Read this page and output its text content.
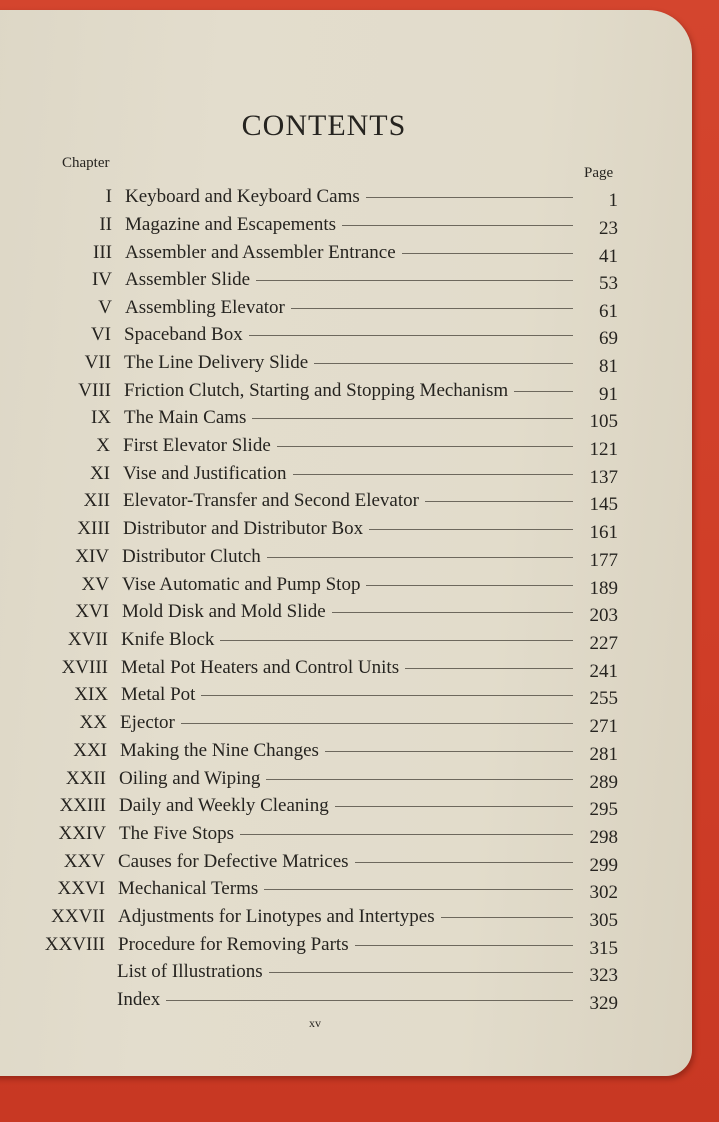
CONTENTS
Chapter
Page
I Keyboard and Keyboard Cams	1
II Magazine and Escapements	23
III Assembler and Assembler Entrance	41
IV Assembler Slide	53
V Assembling Elevator	61
VI Spaceband Box	69
VII The Line Delivery Slide	81
VIII Friction Clutch, Starting and Stopping Mechanism	91
IX The Main Cams	105
X First Elevator Slide	121
XI Vise and Justification	137
XII Elevator-Transfer and Second Elevator	145
XIII Distributor and Distributor Box	161
XIV Distributor Clutch	177
XV Vise Automatic and Pump Stop	189
XVI Mold Disk and Mold Slide	203
XVII Knife Block	227
XVIII Metal Pot Heaters and Control Units	241
XIX Metal Pot	255
XX Ejector	271
XXI Making the Nine Changes	281
XXII Oiling and Wiping	289
XXIII Daily and Weekly Cleaning	295
XXIV The Five Stops	298
XXV Causes for Defective Matrices	299
XXVI Mechanical Terms	302
XXVII Adjustments for Linotypes and Intertypes	305
XXVIII Procedure for Removing Parts	315
List of Illustrations	323
Index	329
xv
